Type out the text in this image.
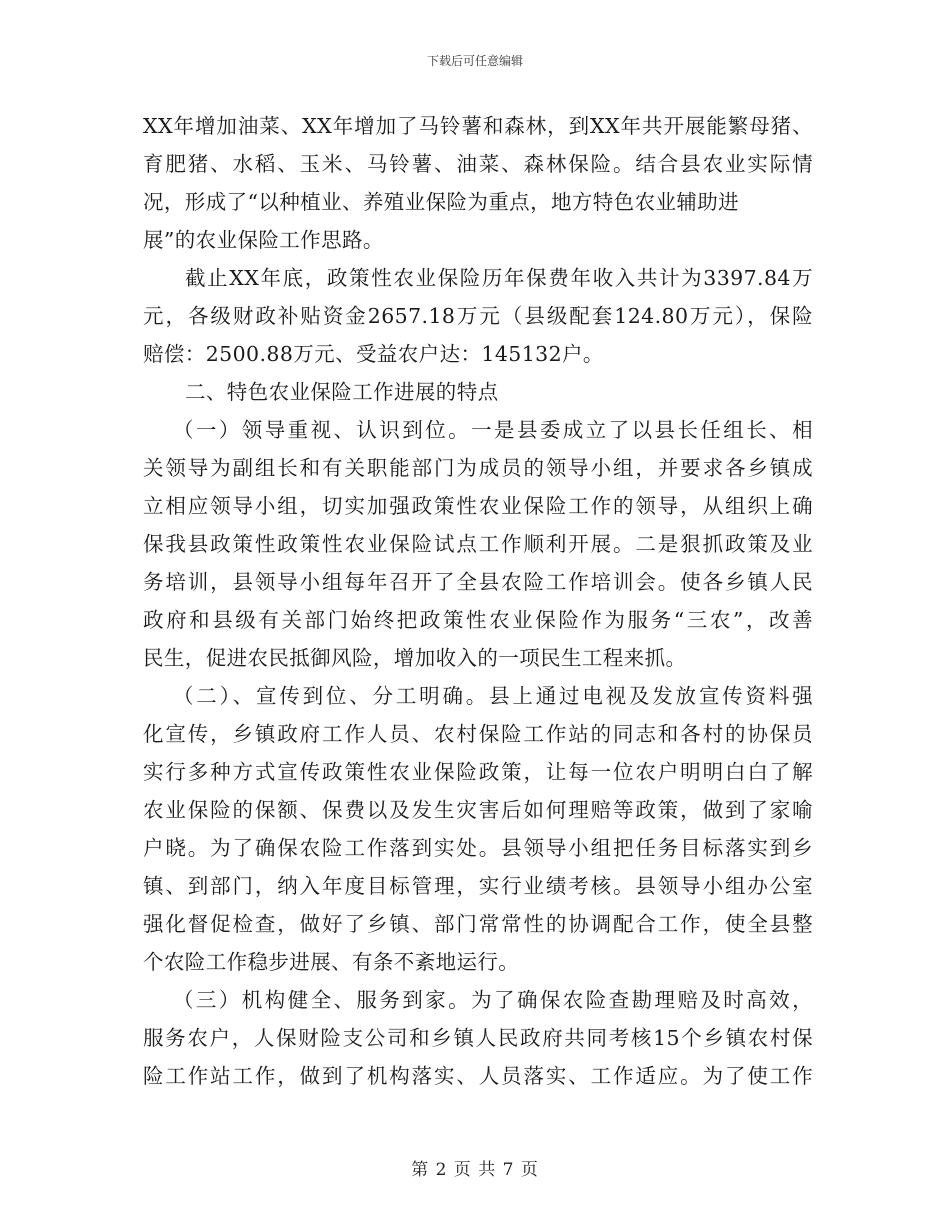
下载后可任意编辑
XX年增加油菜、XX年增加了马铃薯和森林，到XX年共开展能繁母猪、
育肥猪、水稻、玉米、马铃薯、油菜、森林保险。结合县农业实际情
况，形成了“以种植业、养殖业保险为重点，地方特色农业辅助进
展”的农业保险工作思路。
截止XX年底，政策性农业保险历年保费年收入共计为3397.84万
元，各级财政补贴资金2657.18万元（县级配套124.80万元），保险
赔偿：2500.88万元、受益农户达：145132户。
二、特色农业保险工作进展的特点
（一）领导重视、认识到位。一是县委成立了以县长任组长、相
关领导为副组长和有关职能部门为成员的领导小组，并要求各乡镇成
立相应领导小组，切实加强政策性农业保险工作的领导，从组织上确
保我县政策性政策性农业保险试点工作顺利开展。二是狠抓政策及业
务培训，县领导小组每年召开了全县农险工作培训会。使各乡镇人民
政府和县级有关部门始终把政策性农业保险作为服务“三农”，改善
民生，促进农民抵御风险，增加收入的一项民生工程来抓。
（二）、宣传到位、分工明确。县上通过电视及发放宣传资料强
化宣传，乡镇政府工作人员、农村保险工作站的同志和各村的协保员
实行多种方式宣传政策性农业保险政策，让每一位农户明明白白了解
农业保险的保额、保费以及发生灾害后如何理赔等政策，做到了家喻
户晓。为了确保农险工作落到实处。县领导小组把任务目标落实到乡
镇、到部门，纳入年度目标管理，实行业绩考核。县领导小组办公室
强化督促检查，做好了乡镇、部门常常性的协调配合工作，使全县整
个农险工作稳步进展、有条不紊地运行。
（三）机构健全、服务到家。为了确保农险查勘理赔及时高效，
服务农户，人保财险支公司和乡镇人民政府共同考核15个乡镇农村保
险工作站工作，做到了机构落实、人员落实、工作适应。为了使工作
第 2 页 共 7 页
